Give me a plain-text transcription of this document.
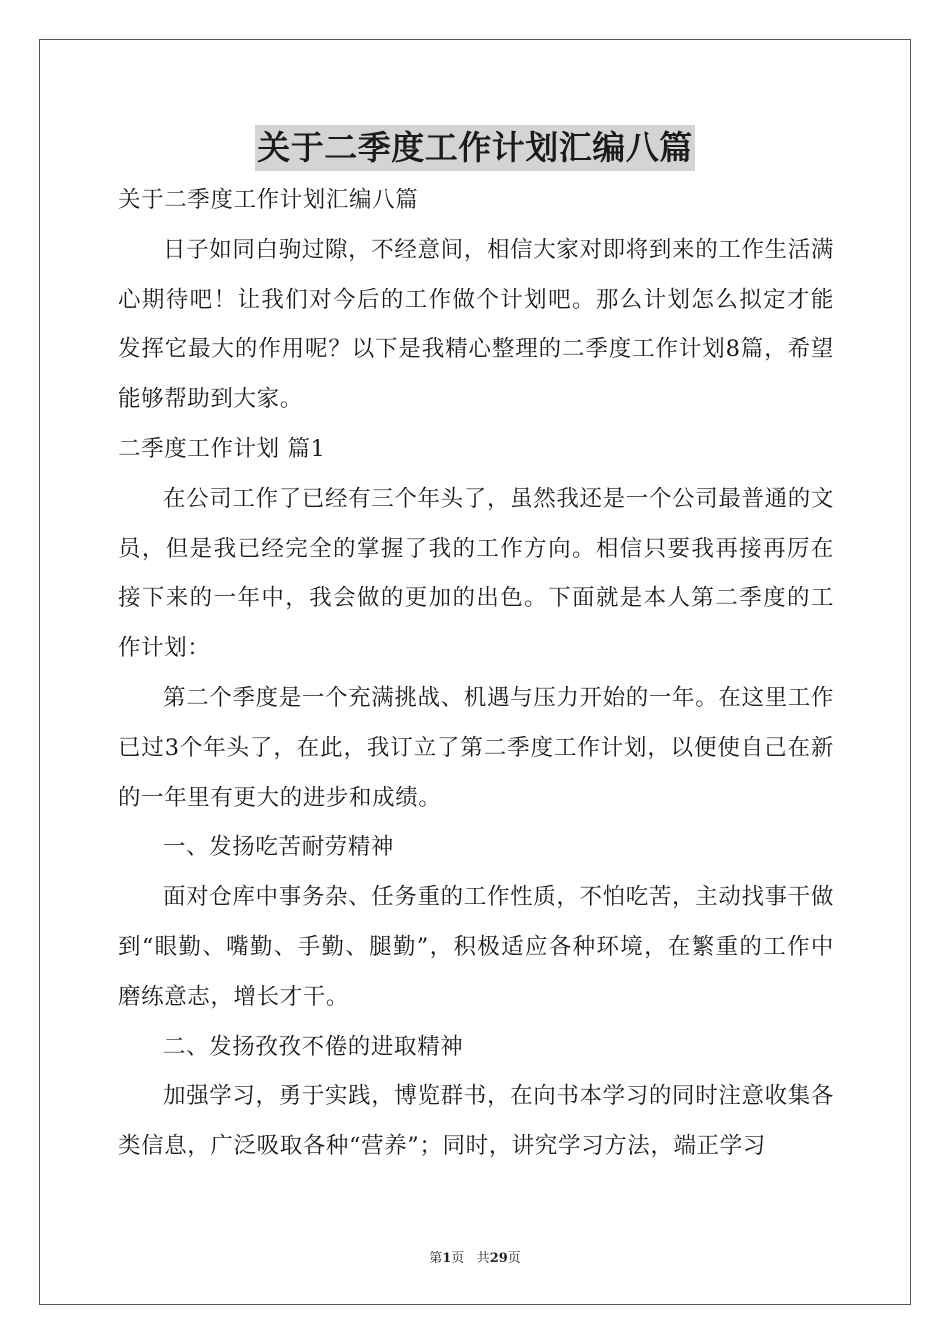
关于二季度工作计划汇编八篇

关于二季度工作计划汇编八篇

日子如同白驹过隙，不经意间，相信大家对即将到来的工作生活满心期待吧！让我们对今后的工作做个计划吧。那么计划怎么拟定才能发挥它最大的作用呢？以下是我精心整理的二季度工作计划8篇，希望能够帮助到大家。

二季度工作计划 篇1

在公司工作了已经有三个年头了，虽然我还是一个公司最普通的文员，但是我已经完全的掌握了我的工作方向。相信只要我再接再厉在接下来的一年中，我会做的更加的出色。下面就是本人第二季度的工作计划：

第二个季度是一个充满挑战、机遇与压力开始的一年。在这里工作已过3个年头了，在此，我订立了第二季度工作计划，以便使自己在新的一年里有更大的进步和成绩。

一、发扬吃苦耐劳精神

面对仓库中事务杂、任务重的工作性质，不怕吃苦，主动找事干做到“眼勤、嘴勤、手勤、腿勤”，积极适应各种环境，在繁重的工作中磨练意志，增长才干。

二、发扬孜孜不倦的进取精神

加强学习，勇于实践，博览群书，在向书本学习的同时注意收集各类信息，广泛吸取各种“营养”；同时，讲究学习方法，端正学习

第1页 共29页
